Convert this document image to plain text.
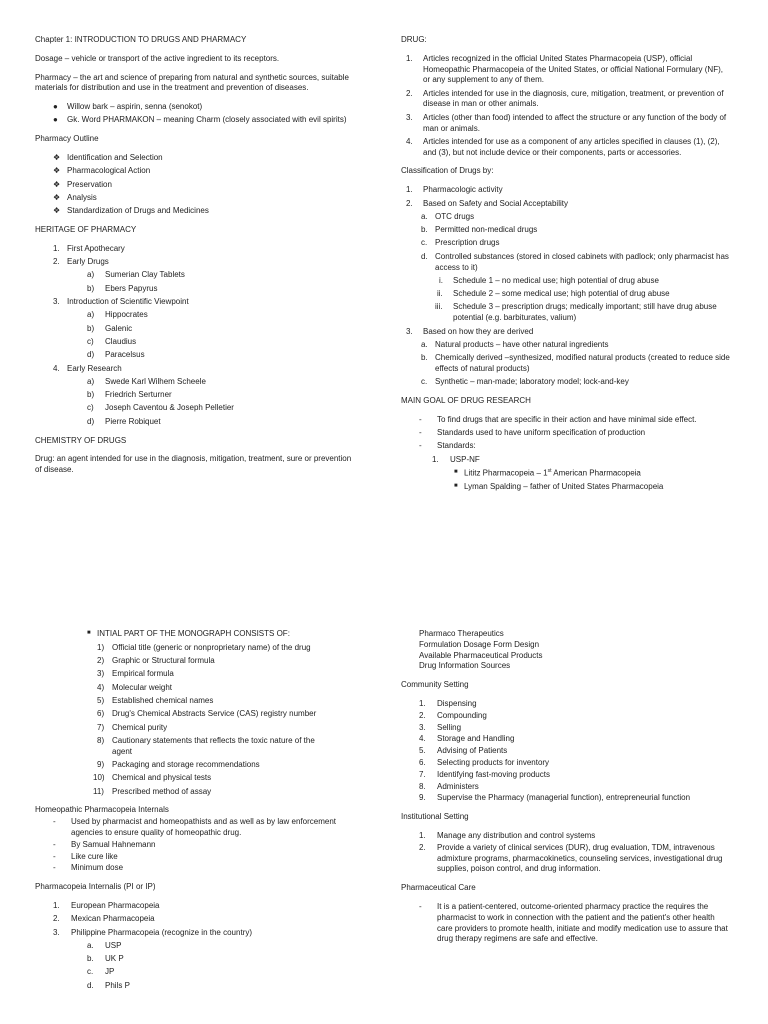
Chapter 1: INTRODUCTION TO DRUGS AND PHARMACY
Dosage – vehicle or transport of the active ingredient to its receptors.
Pharmacy – the art and science of preparing from natural and synthetic sources, suitable materials for distribution and use in the treatment and prevention of diseases.
● Willow bark – aspirin, senna (senokot)
● Gk. Word PHARMAKON – meaning Charm (closely associated with evil spirits)
Pharmacy Outline
❖ Identification and Selection
❖ Pharmacological Action
❖ Preservation
❖ Analysis
❖ Standardization of Drugs and Medicines
HERITAGE OF PHARMACY
1. First Apothecary
2. Early Drugs
a) Sumerian Clay Tablets
b) Ebers Papyrus
3. Introduction of Scientific Viewpoint
a) Hippocrates
b) Galenic
c) Claudius
d) Paracelsus
4. Early Research
a) Swede Karl Wilhem Scheele
b) Friedrich Serturner
c) Joseph Caventou & Joseph Pelletier
d) Pierre Robiquet
CHEMISTRY OF DRUGS
Drug: an agent intended for use in the diagnosis, mitigation, treatment, sure or prevention of disease.
DRUG:
1. Articles recognized in the official United States Pharmacopeia (USP), official Homeopathic Pharmacopeia of the United States, or official National Formulary (NF), or any supplement to any of them.
2. Articles intended for use in the diagnosis, cure, mitigation, treatment, or prevention of disease in man or other animals.
3. Articles (other than food) intended to affect the structure or any function of the body of man or animals.
4. Articles intended for use as a component of any articles specified in clauses (1), (2), and (3), but not include device or their components, parts or accessories.
Classification of Drugs by:
1. Pharmacologic activity
2. Based on Safety and Social Acceptability
a. OTC drugs
b. Permitted non-medical drugs
c. Prescription drugs
d. Controlled substances (stored in closed cabinets with padlock; only pharmacist has access to it)
i. Schedule 1 – no medical use; high potential of drug abuse
ii. Schedule 2 – some medical use; high potential of drug abuse
iii. Schedule 3 – prescription drugs; medically important; still have drug abuse potential (e.g. barbiturates, valium)
3. Based on how they are derived
a. Natural products – have other natural ingredients
b. Chemically derived –synthesized, modified natural products (created to reduce side effects of natural products)
c. Synthetic – man-made; laboratory model; lock-and-key
MAIN GOAL OF DRUG RESEARCH
- To find drugs that are specific in their action and have minimal side effect.
- Standards used to have uniform specification of production
- Standards:
1. USP-NF
■ Lititz Pharmacopeia – 1st American Pharmacopeia
■ Lyman Spalding – father of United States Pharmacopeia
■ INTIAL PART OF THE MONOGRAPH CONSISTS OF:
1) Official title (generic or nonproprietary name) of the drug
2) Graphic or Structural formula
3) Empirical formula
4) Molecular weight
5) Established chemical names
6) Drug's Chemical Abstracts Service (CAS) registry number
7) Chemical purity
8) Cautionary statements that reflects the toxic nature of the agent
9) Packaging and storage recommendations
10) Chemical and physical tests
11) Prescribed method of assay
Homeopathic Pharmacopeia Internals
- Used by pharmacist and homeopathists and as well as by law enforcement agencies to ensure quality of homeopathic drug.
- By Samual Hahnemann
- Like cure like
- Minimum dose
Pharmacopeia Internalis (PI or IP)
1. European Pharmacopeia
2. Mexican Pharmacopeia
3. Philippine Pharmacopeia (recognize in the country)
a. USP
b. UK P
c. JP
d. Phils P
Pharmaco Therapeutics
Formulation Dosage Form Design
Available Pharmaceutical Products
Drug Information Sources
Community Setting
1. Dispensing
2. Compounding
3. Selling
4. Storage and Handling
5. Advising of Patients
6. Selecting products for inventory
7. Identifying fast-moving products
8. Administers
9. Supervise the Pharmacy (managerial function), entrepreneurial function
Institutional Setting
1. Manage any distribution and control systems
2. Provide a variety of clinical services (DUR), drug evaluation, TDM, intravenous admixture programs, pharmacokinetics, counseling services, investigational drug supplies, poison control, and drug information.
Pharmaceutical Care
- It is a patient-centered, outcome-oriented pharmacy practice the requires the pharmacist to work in connection with the patient and the patient's other health care providers to promote health, initiate and modify medication use to assure that drug therapy regimens are safe and effective.
